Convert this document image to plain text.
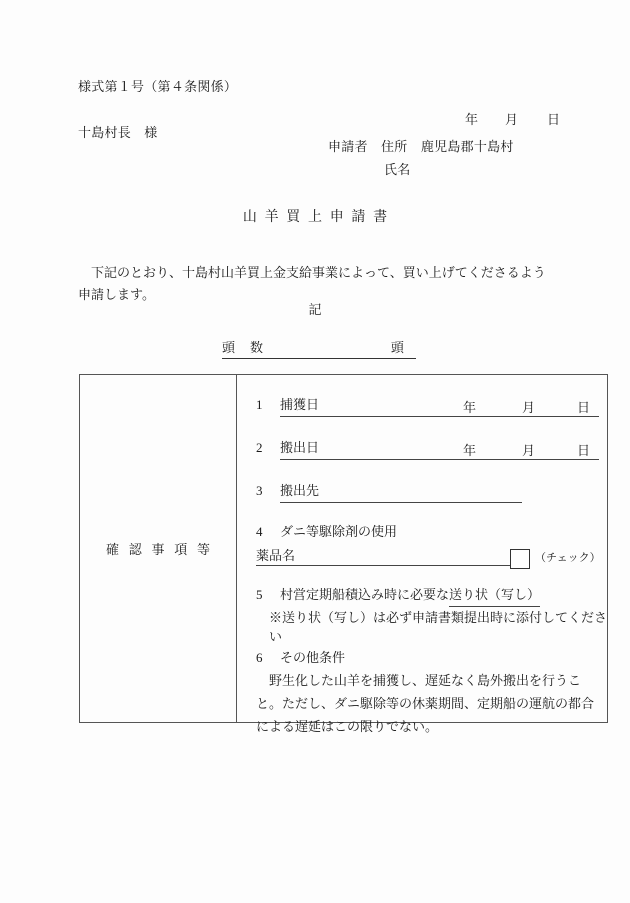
様式第１号（第４条関係）

年 月 日

十島村長　様
申請者　住所　鹿児島郡十島村
氏名
山羊買上申請書
下記のとおり、十島村山羊買上金支給事業によって、買い上げてくださるよう申請します。
記
頭 数	頭
確認事項等
1 捕獲日	年	月	日
2 搬出日	年	月	日
3 搬出先
4 ダニ等駆除剤の使用
薬品名	（チェック）
5 村営定期船積込み時に必要な送り状（写し）
※送り状（写し）は必ず申請書類提出時に添付してください
6 その他条件
野生化した山羊を捕獲し、遅延なく島外搬出を行うこと。ただし、ダニ駆除等の休薬期間、定期船の運航の都合による遅延はこの限りでない。
